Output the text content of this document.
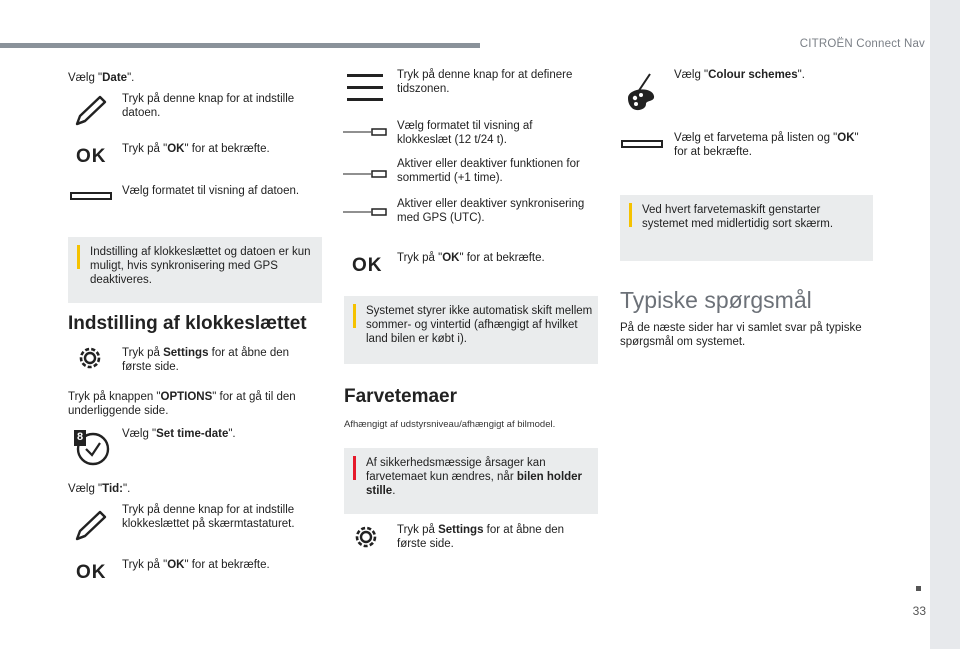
CITROËN Connect Nav
33
Vælg "Date".
Tryk på denne knap for at indstille datoen.
OK Tryk på "OK" for at bekræfte.
Vælg formatet til visning af datoen.
Indstilling af klokkeslættet og datoen er kun muligt, hvis synkronisering med GPS deaktiveres.
Indstilling af klokkeslættet
Tryk på Settings for at åbne den første side.
Tryk på knappen "OPTIONS" for at gå til den underliggende side.
8	Vælg "Set time-date".
Vælg "Tid:".
Tryk på denne knap for at indstille klokkeslættet på skærmtastaturet.
OK Tryk på "OK" for at bekræfte.
Tryk på denne knap for at definere tidszonen.
Vælg formatet til visning af klokkeslæt (12 t/24 t).
Aktiver eller deaktiver funktionen for sommertid (+1 time).
Aktiver eller deaktiver synkronisering med GPS (UTC).
OK Tryk på "OK" for at bekræfte.
Systemet styrer ikke automatisk skift mellem sommer- og vintertid (afhængigt af hvilket land bilen er købt i).
Farvetemaer
Afhængigt af udstyrsniveau/afhængigt af bilmodel.
Af sikkerhedsmæssige årsager kan farvetemaet kun ændres, når bilen holder stille.
Tryk på Settings for at åbne den første side.
Vælg "Colour schemes".
Vælg et farvetema på listen og "OK" for at bekræfte.
Ved hvert farvetemaskift genstarter systemet med midlertidig sort skærm.
Typiske spørgsmål
På de næste sider har vi samlet svar på typiske spørgsmål om systemet.
